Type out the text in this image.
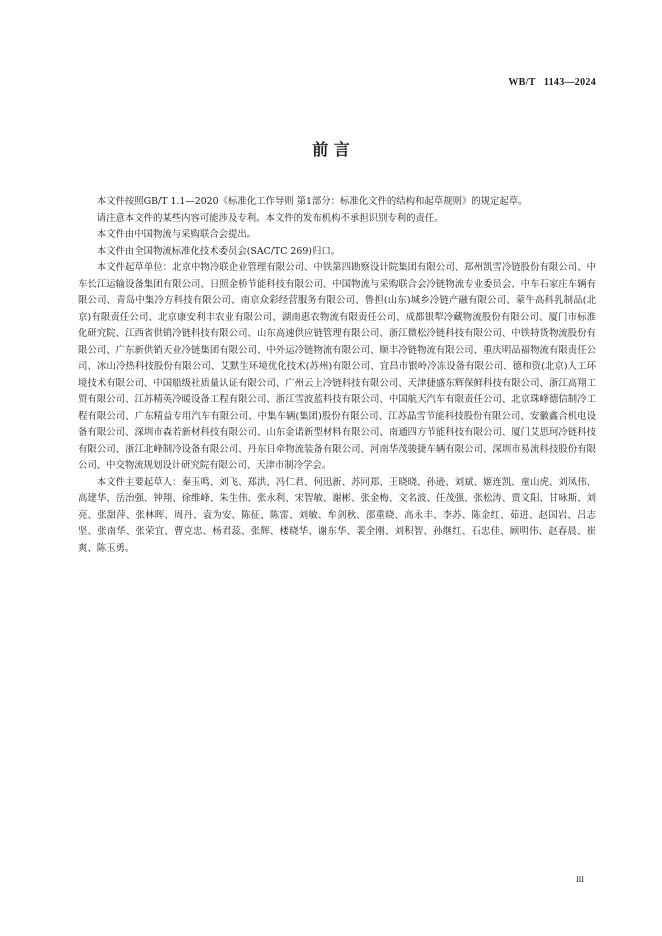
WB/T   1143—2024
前 言

本文件按照GB/T 1.1—2020《标准化工作导则 第1部分：标准化文件的结构和起草规则》的规定起草。

请注意本文件的某些内容可能涉及专利。本文件的发布机构不承担识别专利的责任。

本文件由中国物流与采购联合会提出。

本文件由全国物流标准化技术委员会(SAC/TC 269)归口。

本文件起草单位：北京中物冷联企业管理有限公司、中铁第四勘察设计院集团有限公司、郑州凯雪冷链股份有限公司、中车长江运输设备集团有限公司、日照金桥节能科技有限公司、中国物流与采购联合会冷链物流专业委员会、中车石家庄车辆有限公司、青岛中集冷方科技有限公司、南京众彩经营服务有限公司、鲁担(山东)城乡冷链产融有限公司、蒙牛高科乳制品(北京)有限责任公司、北京康安利丰农业有限公司、湖南惠农物流有限责任公司、成都银犁冷藏物流股份有限公司、厦门市标准化研究院、江西省供销冷链科技有限公司、山东高速供应链管理有限公司、浙江微松冷链科技有限公司、中铁特货物流股份有限公司、广东新供销天业冷链集团有限公司、中外运冷链物流有限公司、顺丰冷链物流有限公司、重庆明品福物流有限责任公司、冰山冷热科技股份有限公司、艾默生环境优化技术(苏州)有限公司、宜昌市银岭冷冻设备有限公司、德和资(北京)人工环境技术有限公司、中国船级社质量认证有限公司、广州云上冷链科技有限公司、天津捷盛东辉保鲜科技有限公司、浙江高翔工贸有限公司、江苏精英冷暖设备工程有限公司、浙江雪波蓝科技有限公司、中国航天汽车有限责任公司、北京珠峰德信制冷工程有限公司、广东精益专用汽车有限公司、中集车辆(集团)股份有限公司、江苏晶雪节能科技股份有限公司、安徽鑫合机电设备有限公司、深圳市森若新材科技有限公司、山东金诺新型材料有限公司、南通四方节能科技有限公司、厦门艾思珂冷链科技有限公司、浙江北峰制冷设备有限公司、丹东日牵物流装备有限公司、河南华茂骏捷车辆有限公司、深圳市易流科技股份有限公司、中交物流规划设计研究院有限公司、天津市制冷学会。

本文件主要起草人：秦玉鸣、刘飞、郑洪、冯仁君、何迅新、苏同郑、王晓晓、孙逊、刘斌、姬连凯、童山虎、刘凤伟、高建华、岳治强、钟翔、徐维峰、朱生伟、张永利、宋智敏、谢彬、张金梅、文名波、任茂强、张松涛、贾文阳、甘咏斯、刘亮、张甜萍、张林晖、周丹、袁为安、陈征、陈雷、刘敏、牟剑秋、邵重晓、高永丰、李苏、陈金红、茹进、赵国岩、吕志坚、张南华、张荣宜、曹克忠、杨君蕊、张辉、楼晓华、谢东华、裴全刚、刘积智、孙继红、石忠佳、顾明伟、赵春晨、崔爽、陈玉勇。

III
